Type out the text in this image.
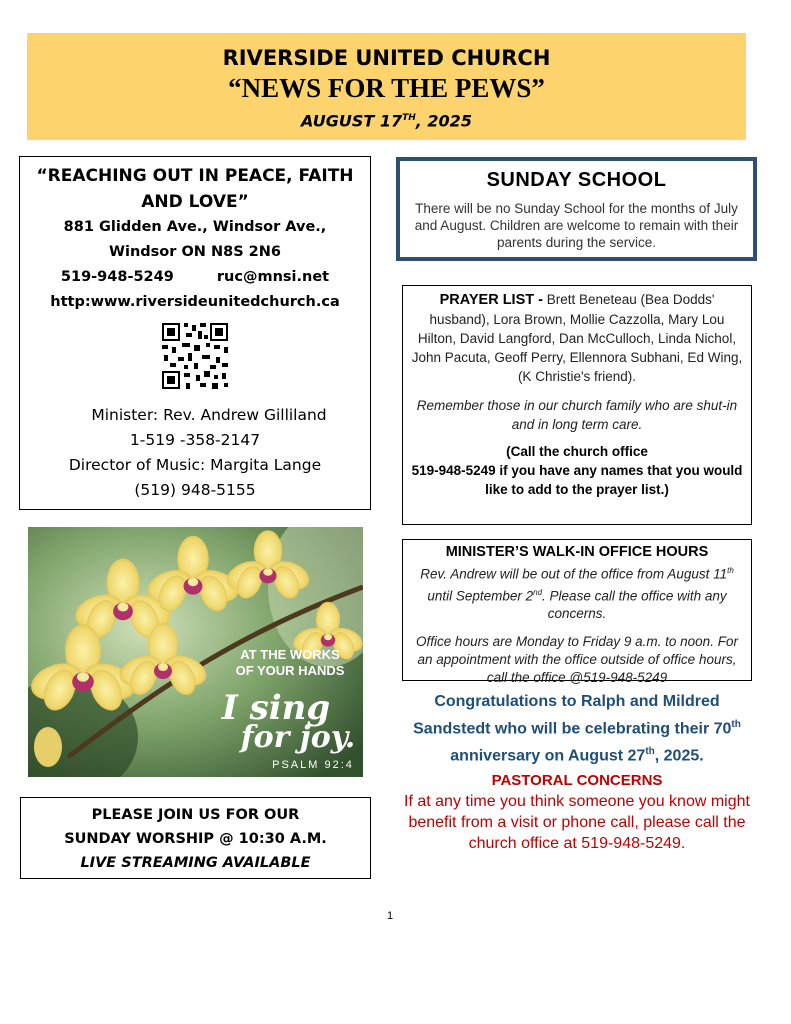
RIVERSIDE UNITED CHURCH
“NEWS FOR THE PEWS”
AUGUST 17TH, 2025
“REACHING OUT IN PEACE, FAITH AND LOVE”
881 Glidden Ave., Windsor Ave.,
Windsor ON N8S 2N6
519-948-5249	ruc@mnsi.net
http:www.riversideunitedchurch.ca
Minister: Rev. Andrew Gilliland
1-519 -358-2147
Director of Music: Margita Lange
(519) 948-5155
AT THE WORKS
OF YOUR HANDS
I sing
for joy.
PSALM 92:4
PLEASE JOIN US FOR OUR
SUNDAY WORSHIP @ 10:30 A.M.
LIVE STREAMING AVAILABLE
SUNDAY SCHOOL
There will be no Sunday School for the months of July and August. Children are welcome to remain with their parents during the service.
PRAYER LIST - Brett Beneteau (Bea Dodds' husband), Lora Brown, Mollie Cazzolla, Mary Lou Hilton, David Langford, Dan McCulloch, Linda Nichol, John Pacuta, Geoff Perry, Ellennora Subhani, Ed Wing, (K Christie's friend).
Remember those in our church family who are shut-in and in long term care.
(Call the church office
519-948-5249 if you have any names that you would like to add to the prayer list.)
MINISTER’S WALK-IN OFFICE HOURS
Rev. Andrew will be out of the office from August 11th until September 2nd. Please call the office with any concerns.
Office hours are Monday to Friday 9 a.m. to noon. For an appointment with the office outside of office hours, call the office @519-948-5249
Congratulations to Ralph and Mildred Sandstedt who will be celebrating their 70th anniversary on August 27th, 2025.
PASTORAL CONCERNS
If at any time you think someone you know might benefit from a visit or phone call, please call the church office at 519-948-5249.
1
